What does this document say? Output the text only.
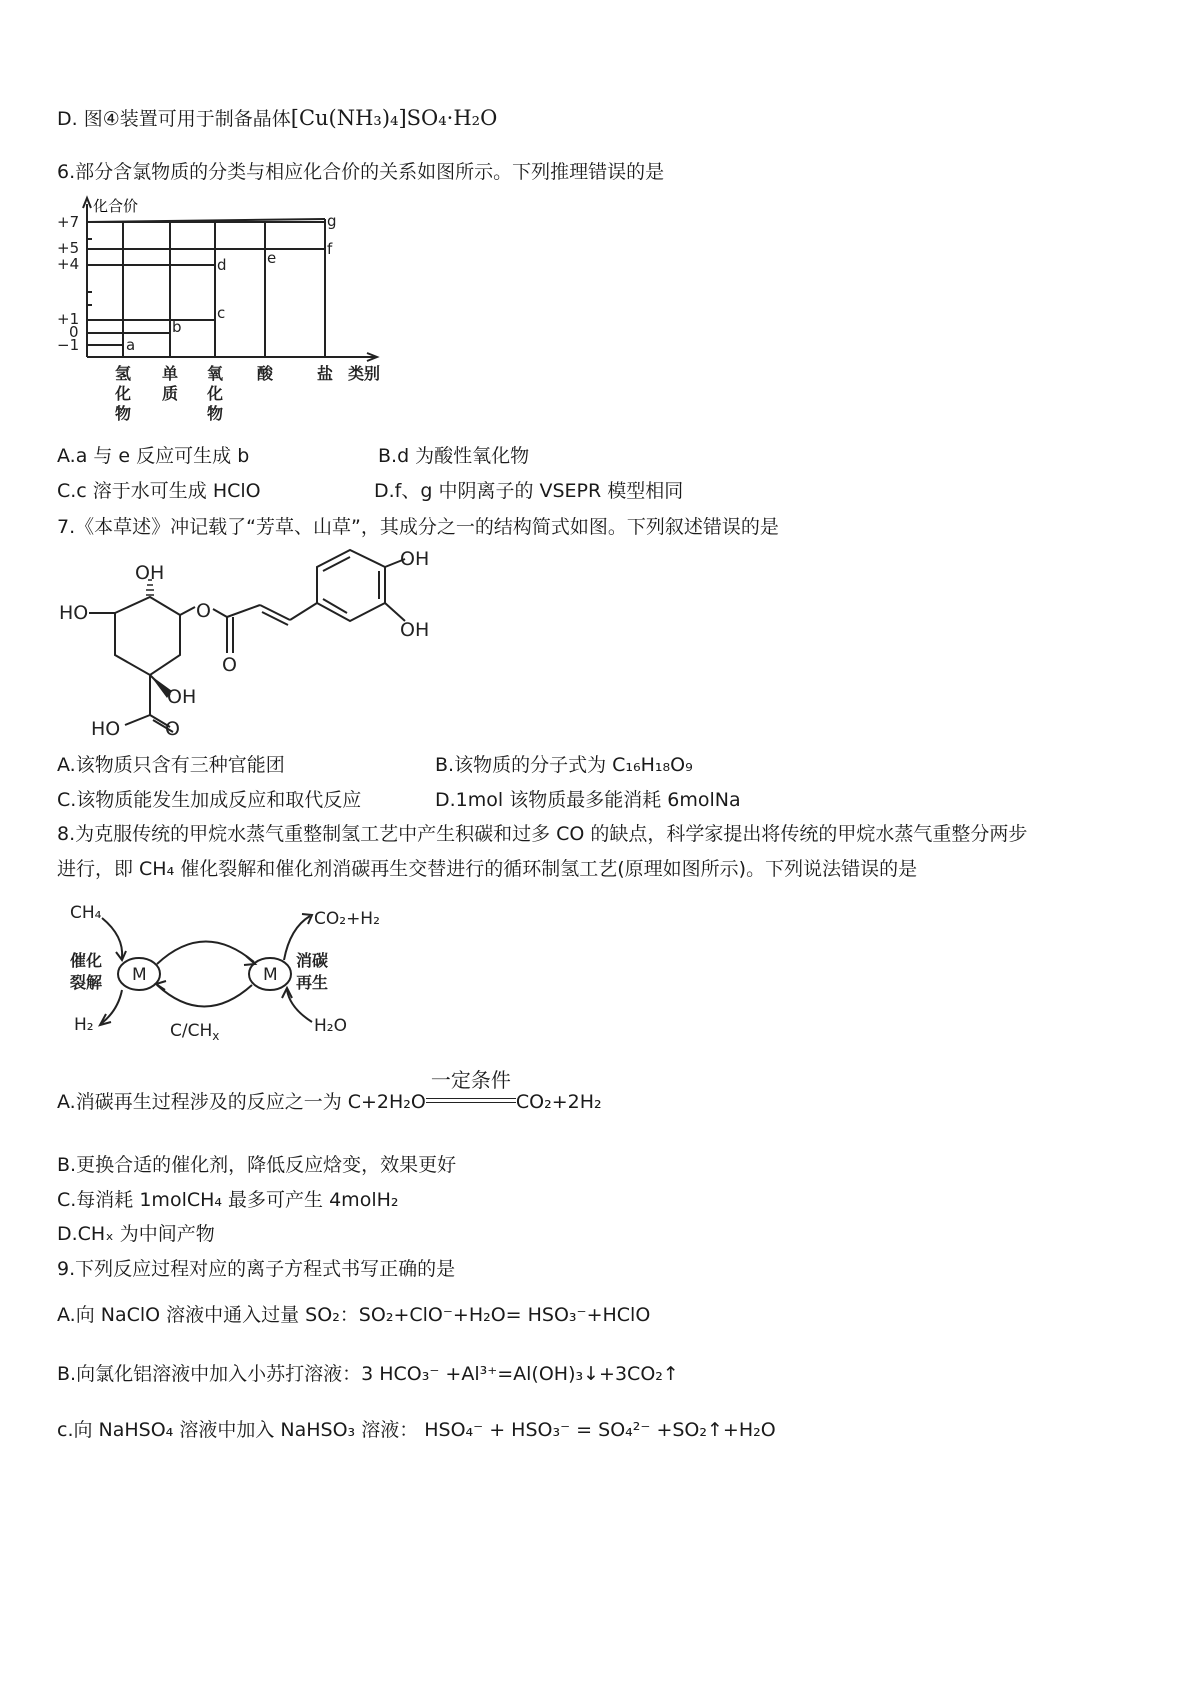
D. 图④装置可用于制备晶体[Cu(NH₃)₄]SO₄·H₂O
6.部分含氯物质的分类与相应化合价的关系如图所示。下列推理错误的是
化合价
+7
+5
+4
+1
0
−1	a
b
c
d	e	f
g
类别
酸	盐
氢化物
单质
氧化物
A.a 与 e 反应可生成 b	B.d 为酸性氧化物
C.c 溶于水可生成 HClO	D.f、g 中阴离子的 VSEPR 模型相同
7.《本草述》冲记载了“芳草、山草”，其成分之一的结构简式如图。下列叙述错误的是
OH
HO	O
OH
OH
O
OH
HO O
A.该物质只含有三种官能团	B.该物质的分子式为 C₁₆H₁₈O₉
C.该物质能发生加成反应和取代反应	D.1mol 该物质最多能消耗 6molNa
8.为克服传统的甲烷水蒸气重整制氢工艺中产生积碳和过多 CO 的缺点，科学家提出将传统的甲烷水蒸气重整分两步
进行，即 CH₄ 催化裂解和催化剂消碳再生交替进行的循环制氢工艺(原理如图所示)。下列说法错误的是
CH₄
M	M
H₂	$C/CH_x$
CO₂+H₂
H₂O
催化
裂解
消碳
再生
A.消碳再生过程涉及的反应之一为 C+2H₂O
一定条件
CO₂+2H₂
B.更换合适的催化剂，降低反应焓变，效果更好
C.每消耗 1molCH₄ 最多可产生 4molH₂
D.CHₓ 为中间产物
9.下列反应过程对应的离子方程式书写正确的是
A.向 NaClO 溶液中通入过量 SO₂：SO₂+ClO⁻+H₂O= HSO₃⁻+HClO
B.向氯化铝溶液中加入小苏打溶液：3 HCO₃⁻ +Al³⁺=Al(OH)₃↓+3CO₂↑
c.向 NaHSO₄ 溶液中加入 NaHSO₃ 溶液： HSO₄⁻ + HSO₃⁻ = SO₄²⁻ +SO₂↑+H₂O
